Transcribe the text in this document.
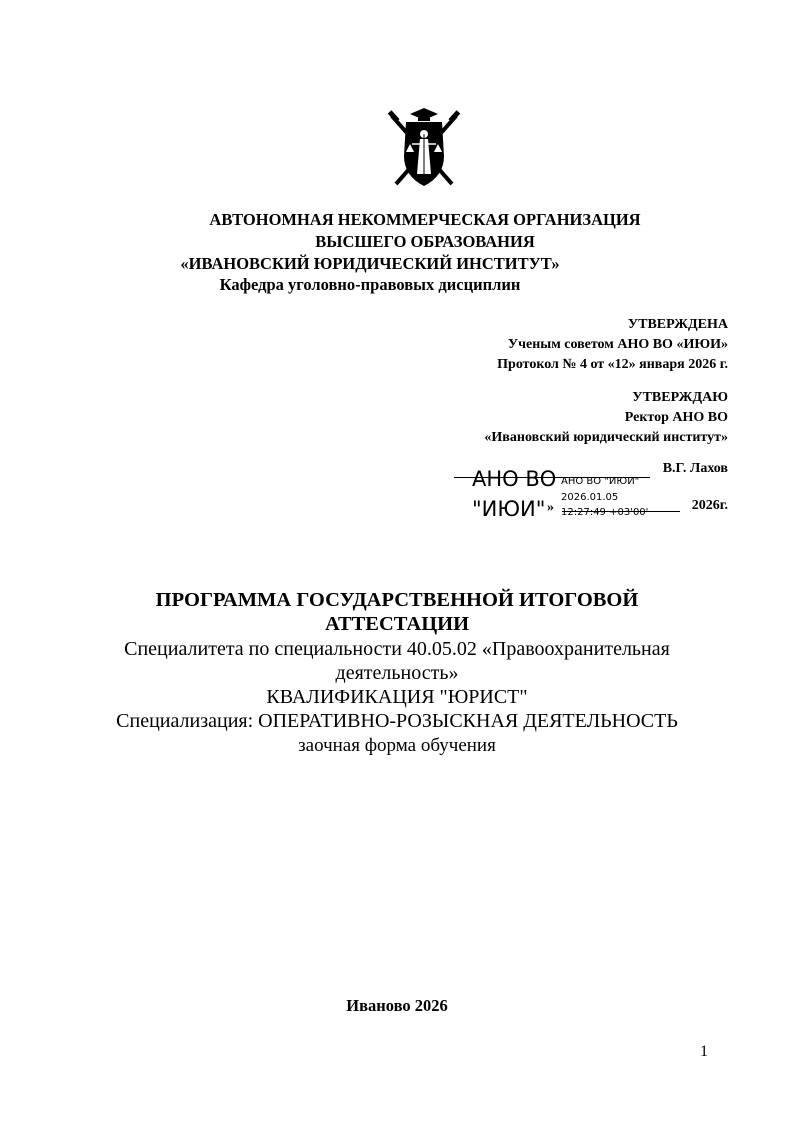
АВТОНОМНАЯ НЕКОММЕРЧЕСКАЯ ОРГАНИЗАЦИЯ
ВЫСШЕГО ОБРАЗОВАНИЯ
«ИВАНОВСКИЙ ЮРИДИЧЕСКИЙ ИНСТИТУТ»
Кафедра уголовно-правовых дисциплин
УТВЕРЖДЕНА
Ученым советом АНО ВО «ИЮИ»
Протокол № 4 от «12» января 2026 г.
УТВЕРЖДАЮ
Ректор АНО ВО
«Ивановский юридический институт»
В.Г. Лахов
2026г.
АНО ВО
"ИЮИ" »
АНО ВО "ИЮИ"
2026.01.05
12:27:49 +03'00'
ПРОГРАММА ГОСУДАРСТВЕННОЙ ИТОГОВОЙ
АТТЕСТАЦИИ
Специалитета по специальности 40.05.02 «Правоохранительная
деятельность»
КВАЛИФИКАЦИЯ "ЮРИСТ"
Специализация: ОПЕРАТИВНО-РОЗЫСКНАЯ ДЕЯТЕЛЬНОСТЬ
заочная форма обучения
Иваново 2026
1
